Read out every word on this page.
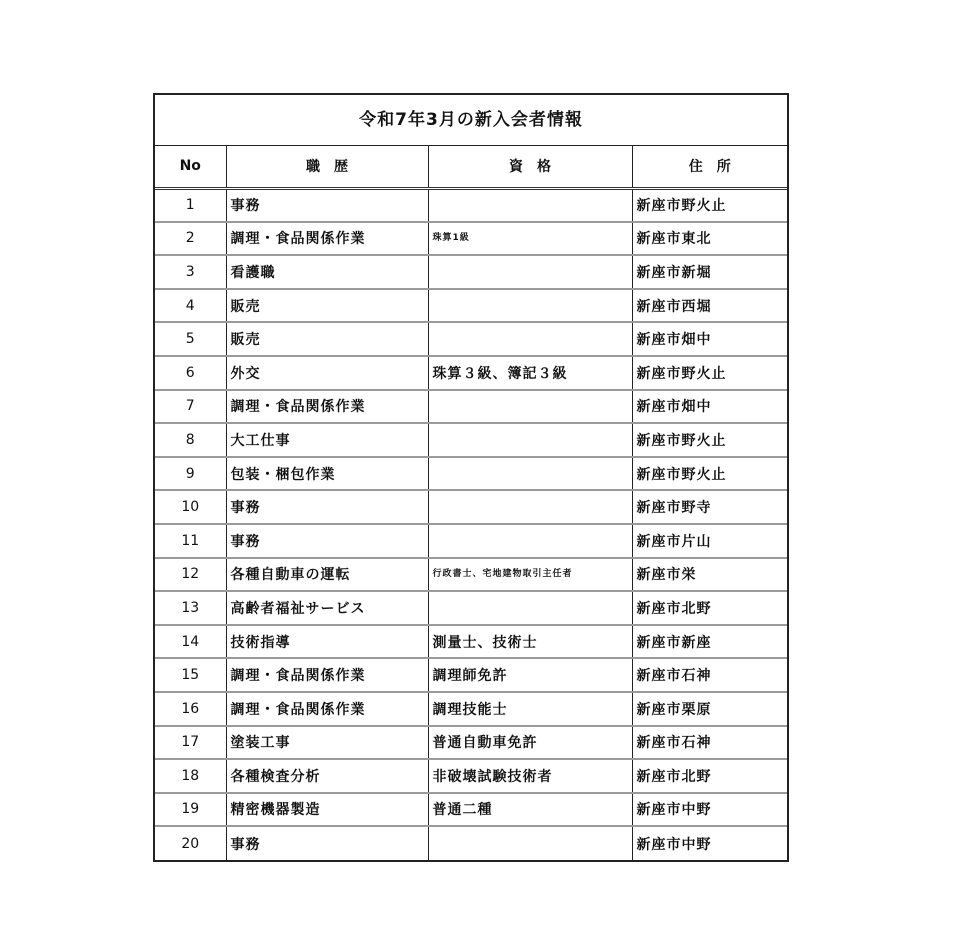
令和7年3月の新入会者情報
No	職　歴	資　格	住　所
1	事務		新座市野火止
2	調理・食品関係作業	珠算1級	新座市東北
3	看護職		新座市新堀
4	販売		新座市西堀
5	販売		新座市畑中
6	外交	珠算３級、簿記３級	新座市野火止
7	調理・食品関係作業		新座市畑中
8	大工仕事		新座市野火止
9	包装・梱包作業		新座市野火止
10	事務		新座市野寺
11	事務		新座市片山
12	各種自動車の運転	行政書士、宅地建物取引主任者	新座市栄
13	高齢者福祉サービス		新座市北野
14	技術指導	測量士、技術士	新座市新座
15	調理・食品関係作業	調理師免許	新座市石神
16	調理・食品関係作業	調理技能士	新座市栗原
17	塗装工事	普通自動車免許	新座市石神
18	各種検査分析	非破壊試験技術者	新座市北野
19	精密機器製造	普通二種	新座市中野
20	事務		新座市中野
